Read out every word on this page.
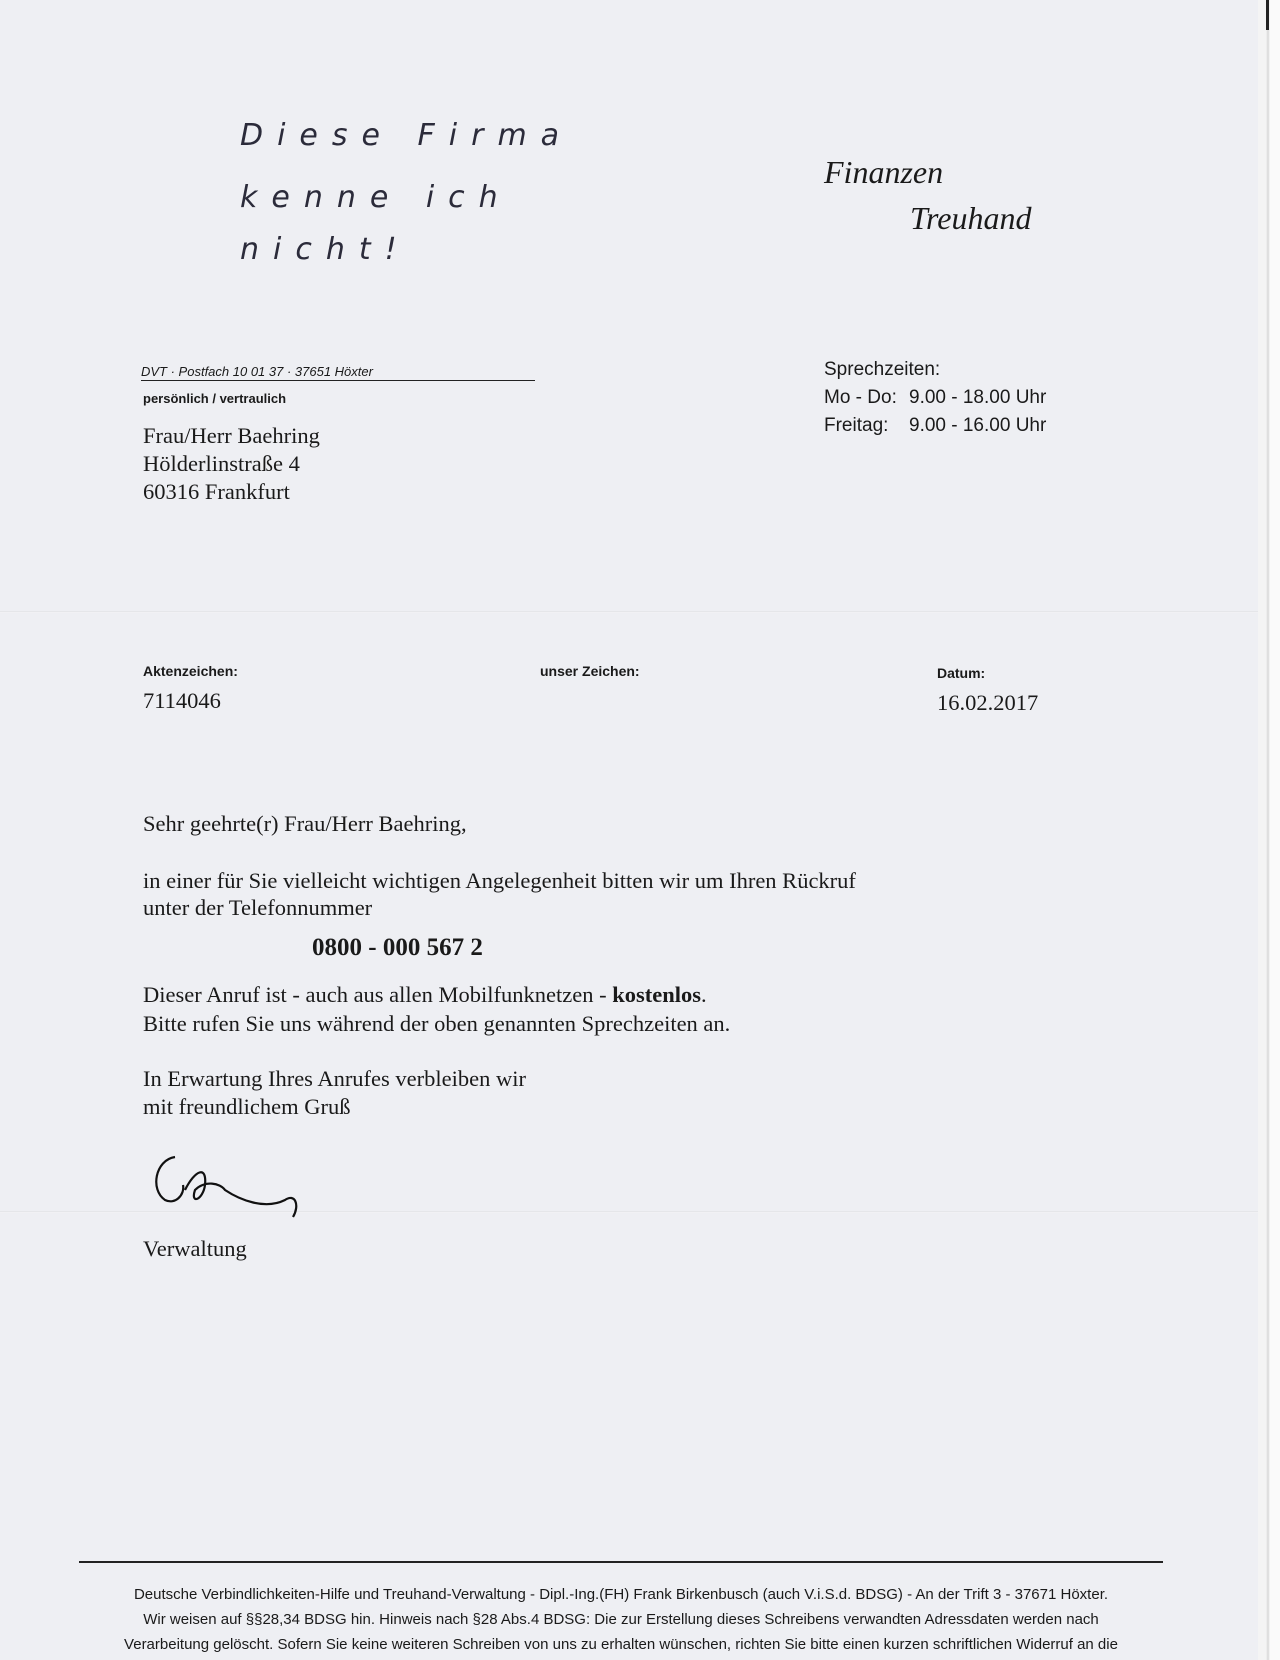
Diese Firma
kenne ich
nicht!
Finanzen
Treuhand
DVT · Postfach 10 01 37 · 37651 Höxter
persönlich / vertraulich
Frau/Herr Baehring
Hölderlinstraße 4
60316 Frankfurt
Sprechzeiten:
Mo - Do: 9.00 - 18.00 Uhr
Freitag: 9.00 - 16.00 Uhr
Aktenzeichen:
7114046
unser Zeichen:	Datum:
16.02.2017
Sehr geehrte(r) Frau/Herr Baehring,
in einer für Sie vielleicht wichtigen Angelegenheit bitten wir um Ihren Rückruf
unter der Telefonnummer
0800 - 000 567 2
Dieser Anruf ist - auch aus allen Mobilfunknetzen - kostenlos.
Bitte rufen Sie uns während der oben genannten Sprechzeiten an.
In Erwartung Ihres Anrufes verbleiben wir
mit freundlichem Gruß
Verwaltung
Deutsche Verbindlichkeiten-Hilfe und Treuhand-Verwaltung - Dipl.-Ing.(FH) Frank Birkenbusch (auch V.i.S.d. BDSG) - An der Trift 3 - 37671 Höxter.
Wir weisen auf §§28,34 BDSG hin. Hinweis nach §28 Abs.4 BDSG: Die zur Erstellung dieses Schreibens verwandten Adressdaten werden nach
Verarbeitung gelöscht. Sofern Sie keine weiteren Schreiben von uns zu erhalten wünschen, richten Sie bitte einen kurzen schriftlichen Widerruf an die
